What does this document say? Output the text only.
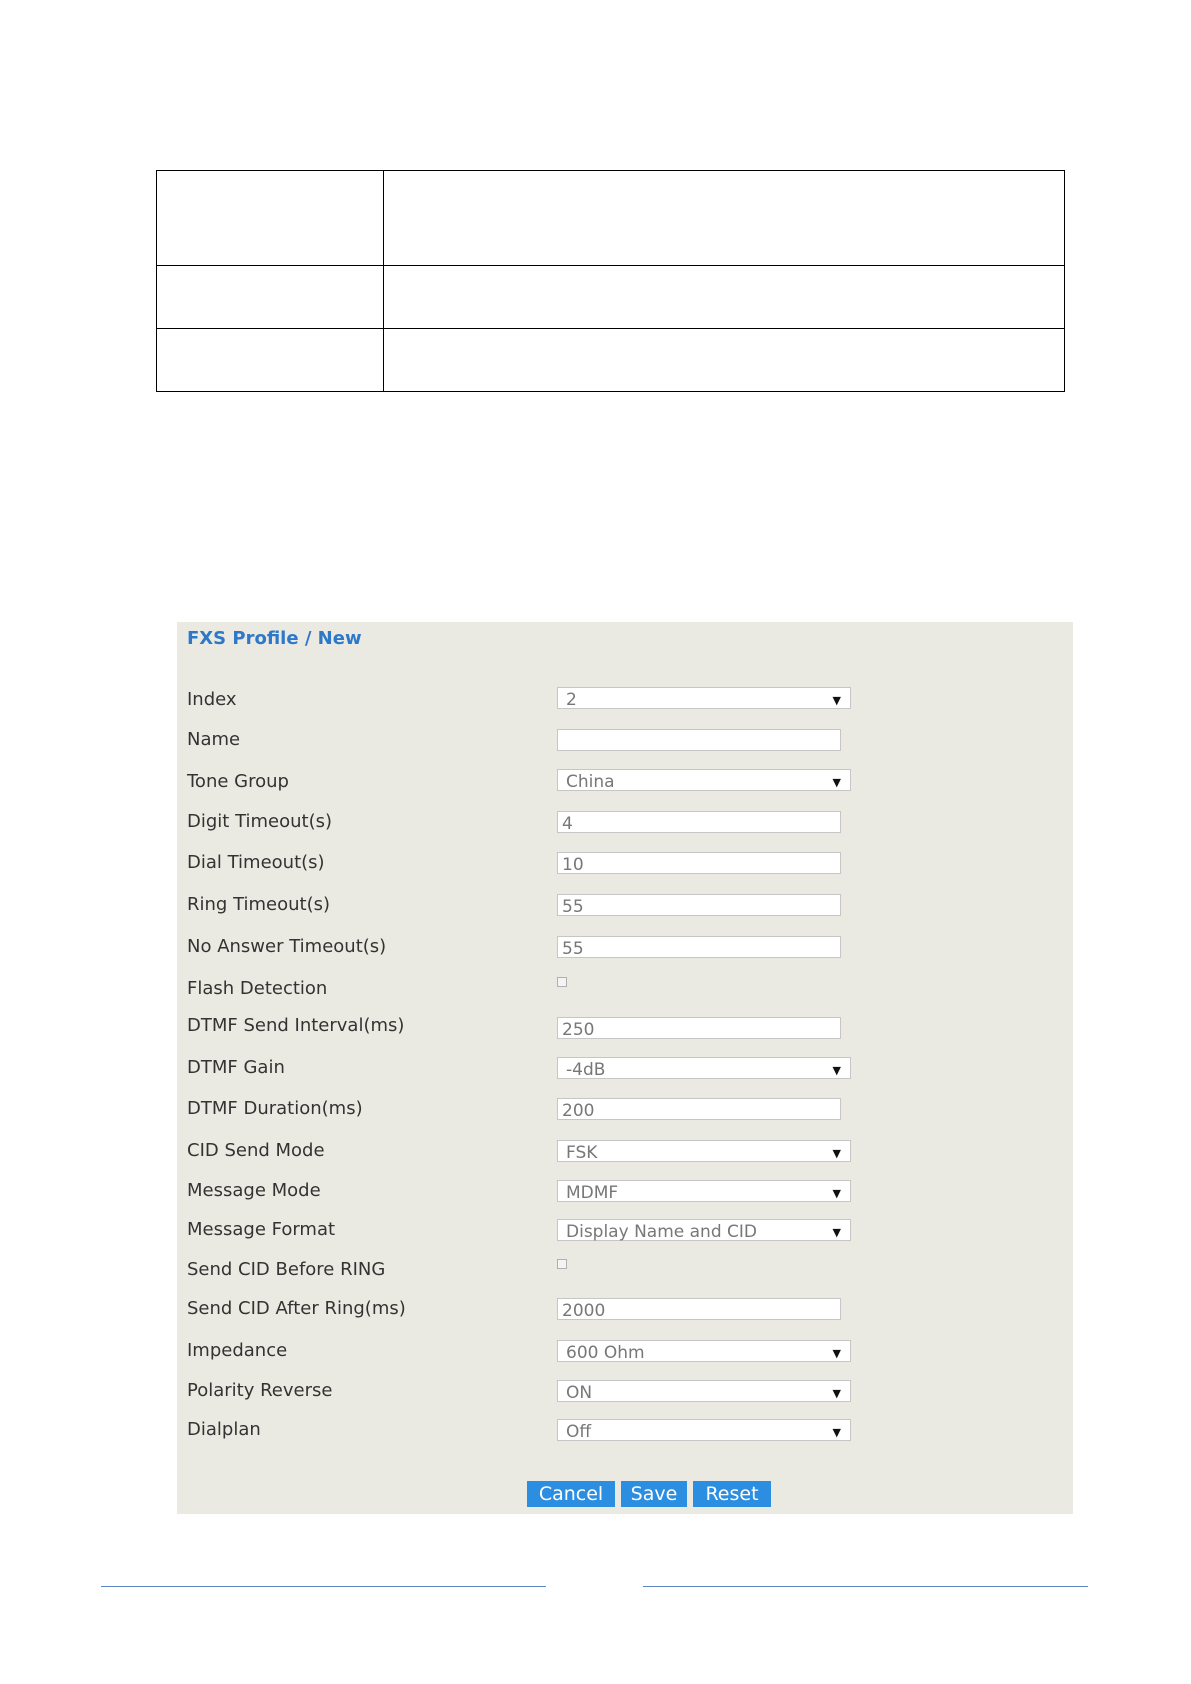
FXS Profile / New
Index	2	▼
Name
Tone Group	China	▼
Digit Timeout(s)	4
Dial Timeout(s)	10
Ring Timeout(s)	55
No Answer Timeout(s)	55
Flash Detection
DTMF Send Interval(ms)	250
DTMF Gain	-4dB	▼
DTMF Duration(ms)	200
CID Send Mode	FSK	▼
Message Mode	MDMF	▼
Message Format	Display Name and CID	▼
Send CID Before RING
Send CID After Ring(ms)	2000
Impedance	600 Ohm	▼
Polarity Reverse	ON	▼
Dialplan	Off	▼
Cancel	Save	Reset
